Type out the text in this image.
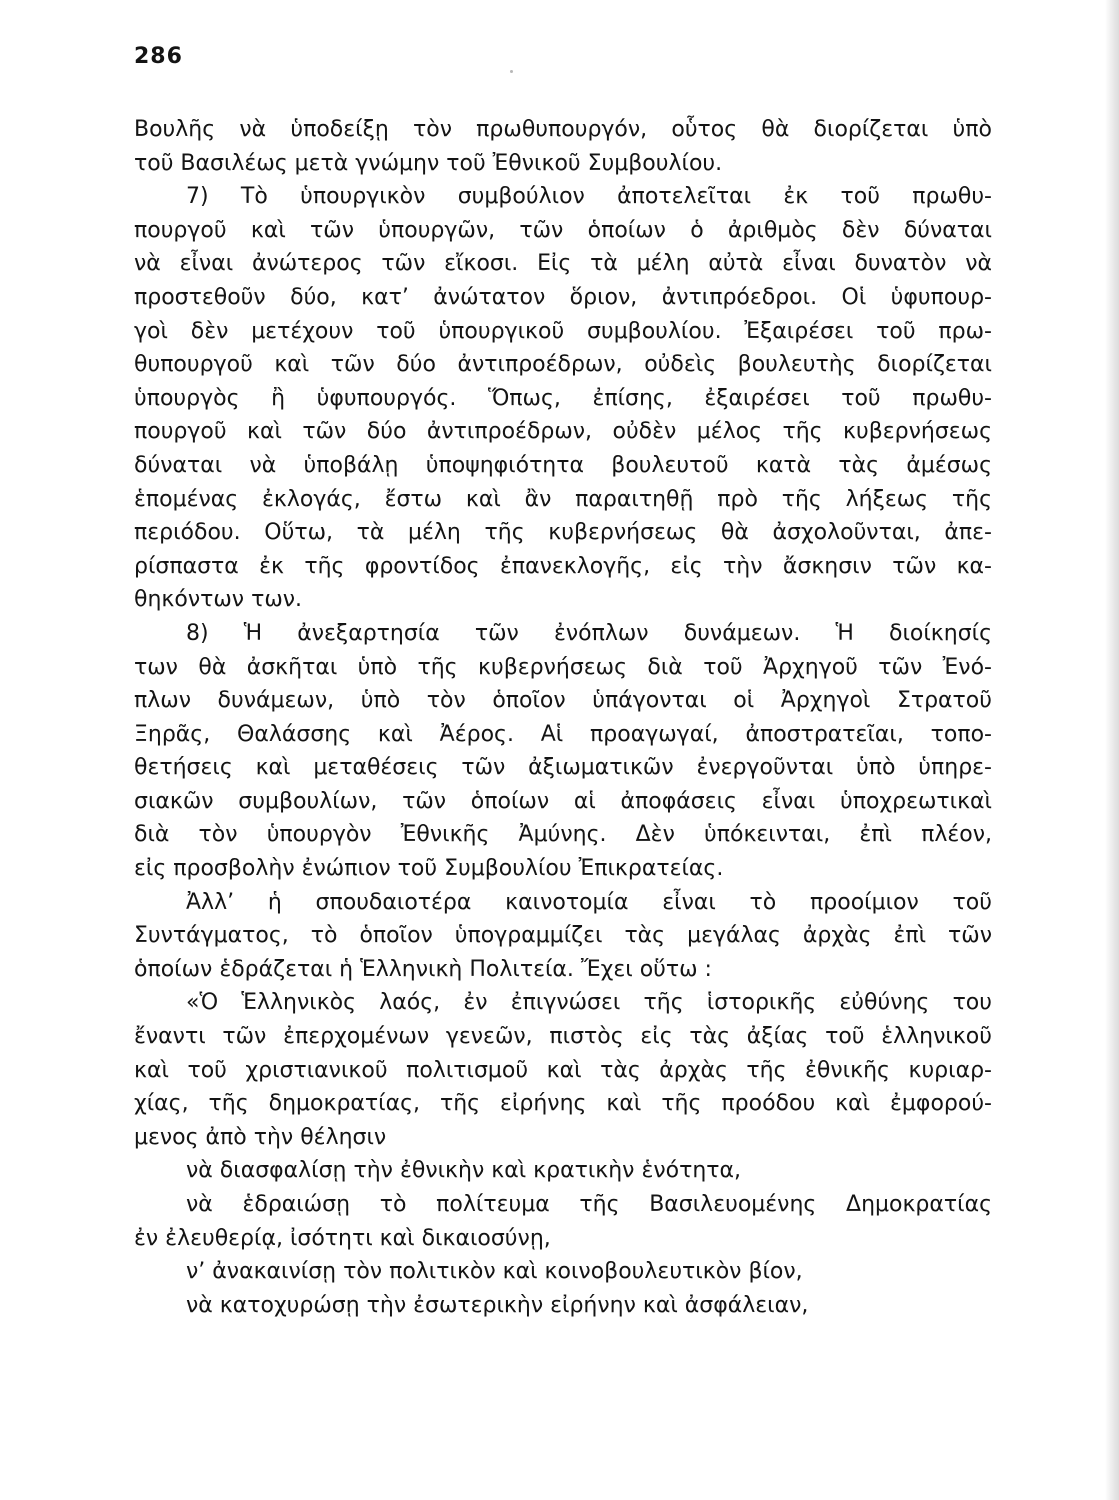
286
Βουλῆς νὰ ὑποδείξῃ τὸν πρωθυπουργόν, οὗτος θὰ διορίζεται ὑπὸ
τοῦ Βασιλέως μετὰ γνώμην τοῦ Ἐθνικοῦ Συμβουλίου.
7) Τὸ ὑπουργικὸν συμβούλιον ἀποτελεῖται ἐκ τοῦ πρωθυ-
πουργοῦ καὶ τῶν ὑπουργῶν, τῶν ὁποίων ὁ ἀριθμὸς δὲν δύναται
νὰ εἶναι ἀνώτερος τῶν εἴκοσι. Εἰς τὰ μέλη αὐτὰ εἶναι δυνατὸν νὰ
προστεθοῦν δύο, κατ’ ἀνώτατον ὅριον, ἀντιπρόεδροι. Οἱ ὑφυπουρ-
γοὶ δὲν μετέχουν τοῦ ὑπουργικοῦ συμβουλίου. Ἐξαιρέσει τοῦ πρω-
θυπουργοῦ καὶ τῶν δύο ἀντιπροέδρων, οὐδεὶς βουλευτὴς διορίζεται
ὑπουργὸς ἢ ὑφυπουργός. Ὅπως, ἐπίσης, ἐξαιρέσει τοῦ πρωθυ-
πουργοῦ καὶ τῶν δύο ἀντιπροέδρων, οὐδὲν μέλος τῆς κυβερνήσεως
δύναται νὰ ὑποβάλῃ ὑποψηφιότητα βουλευτοῦ κατὰ τὰς ἀμέσως
ἑπομένας ἐκλογάς, ἔστω καὶ ἂν παραιτηθῇ πρὸ τῆς λήξεως τῆς
περιόδου. Οὕτω, τὰ μέλη τῆς κυβερνήσεως θὰ ἀσχολοῦνται, ἀπε-
ρίσπαστα ἐκ τῆς φροντίδος ἐπανεκλογῆς, εἰς τὴν ἄσκησιν τῶν κα-
θηκόντων των.
8) Ἡ ἀνεξαρτησία τῶν ἐνόπλων δυνάμεων. Ἡ διοίκησίς
των θὰ ἀσκῆται ὑπὸ τῆς κυβερνήσεως διὰ τοῦ Ἀρχηγοῦ τῶν Ἐνό-
πλων δυνάμεων, ὑπὸ τὸν ὁποῖον ὑπάγονται οἱ Ἀρχηγοὶ Στρατοῦ
Ξηρᾶς, Θαλάσσης καὶ Ἀέρος. Αἱ προαγωγαί, ἀποστρατεῖαι, τοπο-
θετήσεις καὶ μεταθέσεις τῶν ἀξιωματικῶν ἐνεργοῦνται ὑπὸ ὑπηρε-
σιακῶν συμβουλίων, τῶν ὁποίων αἱ ἀποφάσεις εἶναι ὑποχρεωτικαὶ
διὰ τὸν ὑπουργὸν Ἐθνικῆς Ἀμύνης. Δὲν ὑπόκεινται, ἐπὶ πλέον,
εἰς προσβολὴν ἐνώπιον τοῦ Συμβουλίου Ἐπικρατείας.
Ἀλλ’ ἡ σπουδαιοτέρα καινοτομία εἶναι τὸ προοίμιον τοῦ
Συντάγματος, τὸ ὁποῖον ὑπογραμμίζει τὰς μεγάλας ἀρχὰς ἐπὶ τῶν
ὁποίων ἑδράζεται ἡ Ἑλληνικὴ Πολιτεία. Ἔχει οὕτω :
«Ὁ Ἑλληνικὸς λαός, ἐν ἐπιγνώσει τῆς ἱστορικῆς εὐθύνης του
ἔναντι τῶν ἐπερχομένων γενεῶν, πιστὸς εἰς τὰς ἀξίας τοῦ ἑλληνικοῦ
καὶ τοῦ χριστιανικοῦ πολιτισμοῦ καὶ τὰς ἀρχὰς τῆς ἐθνικῆς κυριαρ-
χίας, τῆς δημοκρατίας, τῆς εἰρήνης καὶ τῆς προόδου καὶ ἐμφορού-
μενος ἀπὸ τὴν θέλησιν
νὰ διασφαλίσῃ τὴν ἐθνικὴν καὶ κρατικὴν ἑνότητα,
νὰ ἑδραιώσῃ τὸ πολίτευμα τῆς Βασιλευομένης Δημοκρατίας
ἐν ἐλευθερίᾳ, ἰσότητι καὶ δικαιοσύνῃ,
ν’ ἀνακαινίσῃ τὸν πολιτικὸν καὶ κοινοβουλευτικὸν βίον,
νὰ κατοχυρώσῃ τὴν ἐσωτερικὴν εἰρήνην καὶ ἀσφάλειαν,
